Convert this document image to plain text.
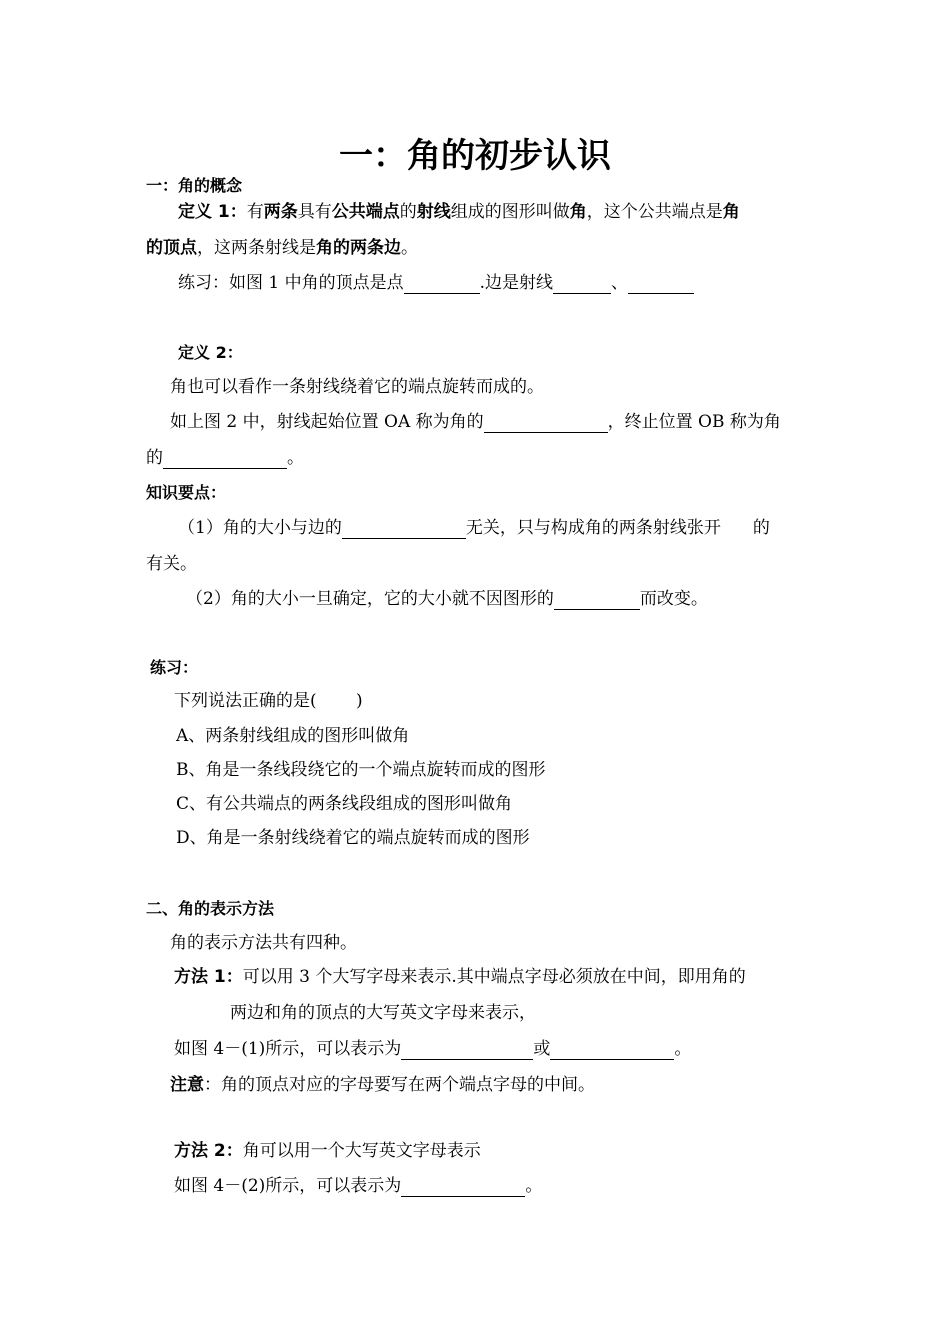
一：角的初步认识
一：角的概念
定义 1：有两条具有公共端点的射线组成的图形叫做角，这个公共端点是角
的顶点，这两条射线是角的两条边。
练习：如图 1 中角的顶点是点	.边是射线	、
定义 2：
角也可以看作一条射线绕着它的端点旋转而成的。
如上图 2 中，射线起始位置 OA 称为角的	，终止位置 OB 称为角
的	。
知识要点：
（1）角的大小与边的	无关，只与构成角的两条射线张开 的
有关。
（2）角的大小一旦确定，它的大小就不因图形的	而改变。
练习：
下列说法正确的是(　　 )
A、两条射线组成的图形叫做角
B、角是一条线段绕它的一个端点旋转而成的图形
C、有公共端点的两条线段组成的图形叫做角
D、角是一条射线绕着它的端点旋转而成的图形
二、角的表示方法
角的表示方法共有四种。
方法 1：可以用 3 个大写字母来表示.其中端点字母必须放在中间，即用角的
两边和角的顶点的大写英文字母来表示，
如图 4－(1)所示，可以表示为	或	。
注意：角的顶点对应的字母要写在两个端点字母的中间。
方法 2：角可以用一个大写英文字母表示
如图 4－(2)所示，可以表示为	。
